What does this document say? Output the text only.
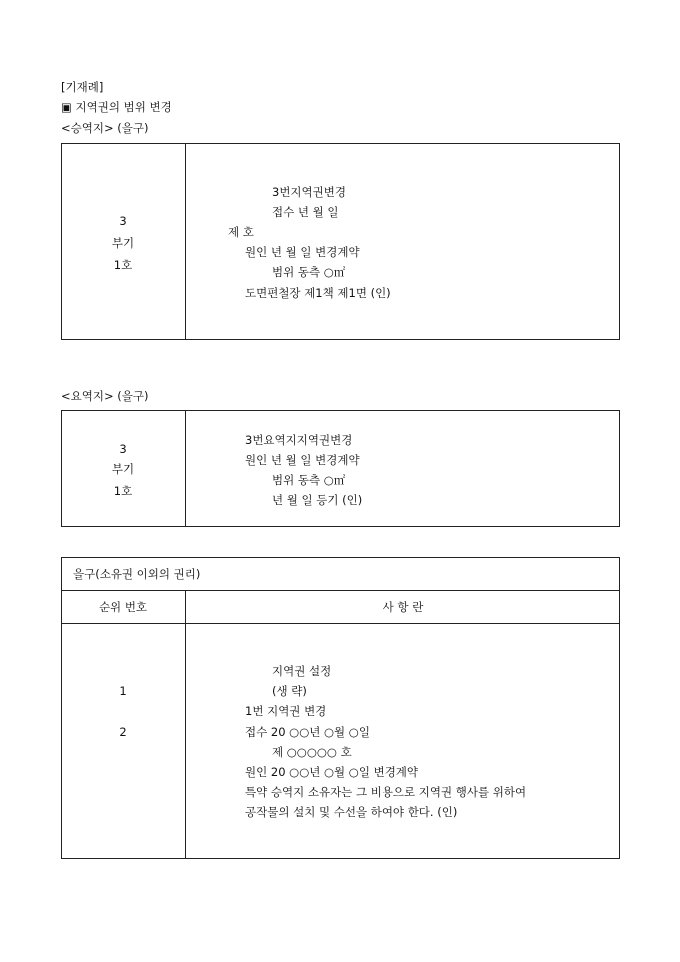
[기재례]
▣ 지역권의 범위 변경
<승역지> (을구)
3
부기
1호
3번지역권변경
접수 년 월 일
제 호
원인 년 월 일 변경계약
범위 동측 ○㎡
도면편철장 제1책 제1면 (인)
<요역지> (을구)
3
부기
1호
3번요역지지역권변경
원인 년 월 일 변경계약
범위 동측 ○㎡
년 월 일 등기 (인)
을구(소유권 이외의 권리)
순위 번호	사 항 란
1
2
지역권 설정
(생 략)
1번 지역권 변경
접수 20 ○○년 ○월 ○일
제 ○○○○○ 호
원인 20 ○○년 ○월 ○일 변경계약
특약 승역지 소유자는 그 비용으로 지역권 행사를 위하여
공작물의 설치 및 수선을 하여야 한다. (인)
